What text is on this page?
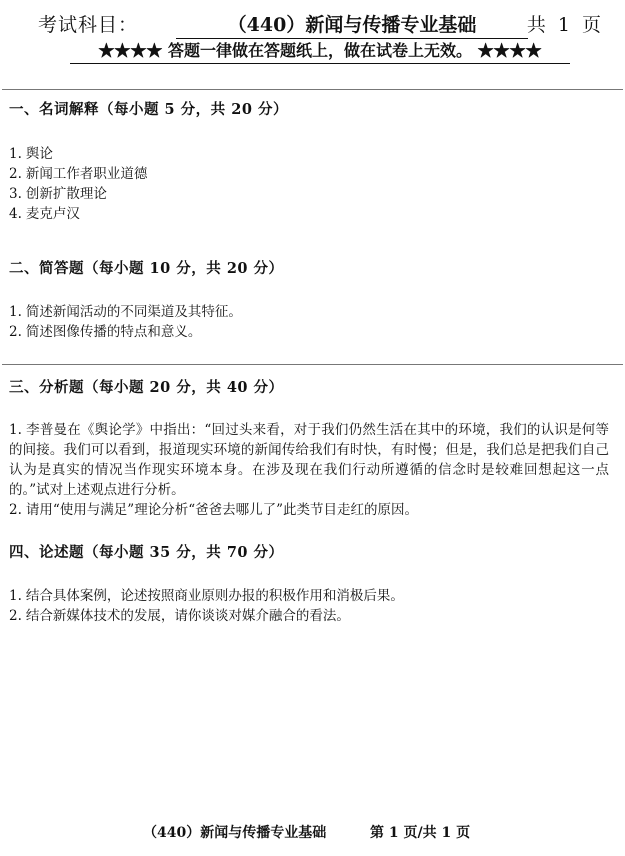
考试科目：	（440）新闻与传播专业基础	共 1 页
★★★★ 答题一律做在答题纸上，做在试卷上无效。 ★★★★
一、名词解释（每小题 5 分，共 20 分）
1. 舆论
2. 新闻工作者职业道德
3. 创新扩散理论
4. 麦克卢汉
二、简答题（每小题 10 分，共 20 分）
1. 简述新闻活动的不同渠道及其特征。
2. 简述图像传播的特点和意义。
三、分析题（每小题 20 分，共 40 分）
1. 李普曼在《舆论学》中指出：“回过头来看，对于我们仍然生活在其中的环境，我们的认识是何等的间接。我们可以看到，报道现实环境的新闻传给我们有时快，有时慢；但是，我们总是把我们自己认为是真实的情况当作现实环境本身。在涉及现在我们行动所遵循的信念时是较难回想起这一点的。”试对上述观点进行分析。
2. 请用“使用与满足”理论分析“爸爸去哪儿了”此类节目走红的原因。
四、论述题（每小题 35 分，共 70 分）
1. 结合具体案例，论述按照商业原则办报的积极作用和消极后果。
2. 结合新媒体技术的发展，请你谈谈对媒介融合的看法。
（440）新闻与传播专业基础	第 1 页/共 1 页
